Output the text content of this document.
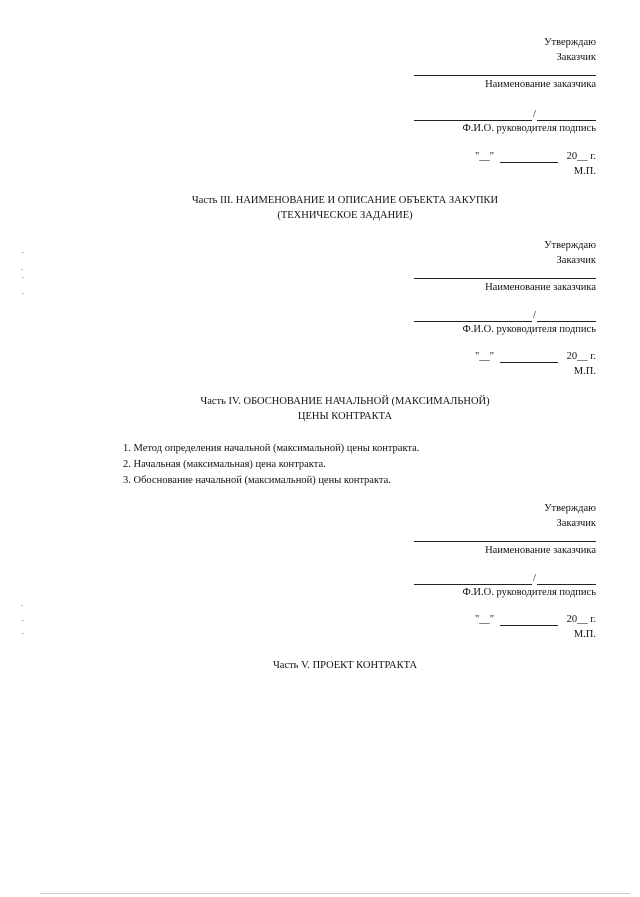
Утверждаю
Заказчик
Наименование заказчика
/
Ф.И.О. руководителя подпись
"__"	20__ г.
М.П.
Часть III. НАИМЕНОВАНИЕ И ОПИСАНИЕ ОБЪЕКТА ЗАКУПКИ
(ТЕХНИЧЕСКОЕ ЗАДАНИЕ)
Утверждаю
Заказчик
Наименование заказчика
/
Ф.И.О. руководителя подпись
"__"	20__ г.
М.П.
Часть IV. ОБОСНОВАНИЕ НАЧАЛЬНОЙ (МАКСИМАЛЬНОЙ)
ЦЕНЫ КОНТРАКТА
1. Метод определения начальной (максимальной) цены контракта.
2. Начальная (максимальная) цена контракта.
3. Обоснование начальной (максимальной) цены контракта.
Утверждаю
Заказчик
Наименование заказчика
/
Ф.И.О. руководителя подпись
"__"	20__ г.
М.П.
Часть V. ПРОЕКТ КОНТРАКТА
